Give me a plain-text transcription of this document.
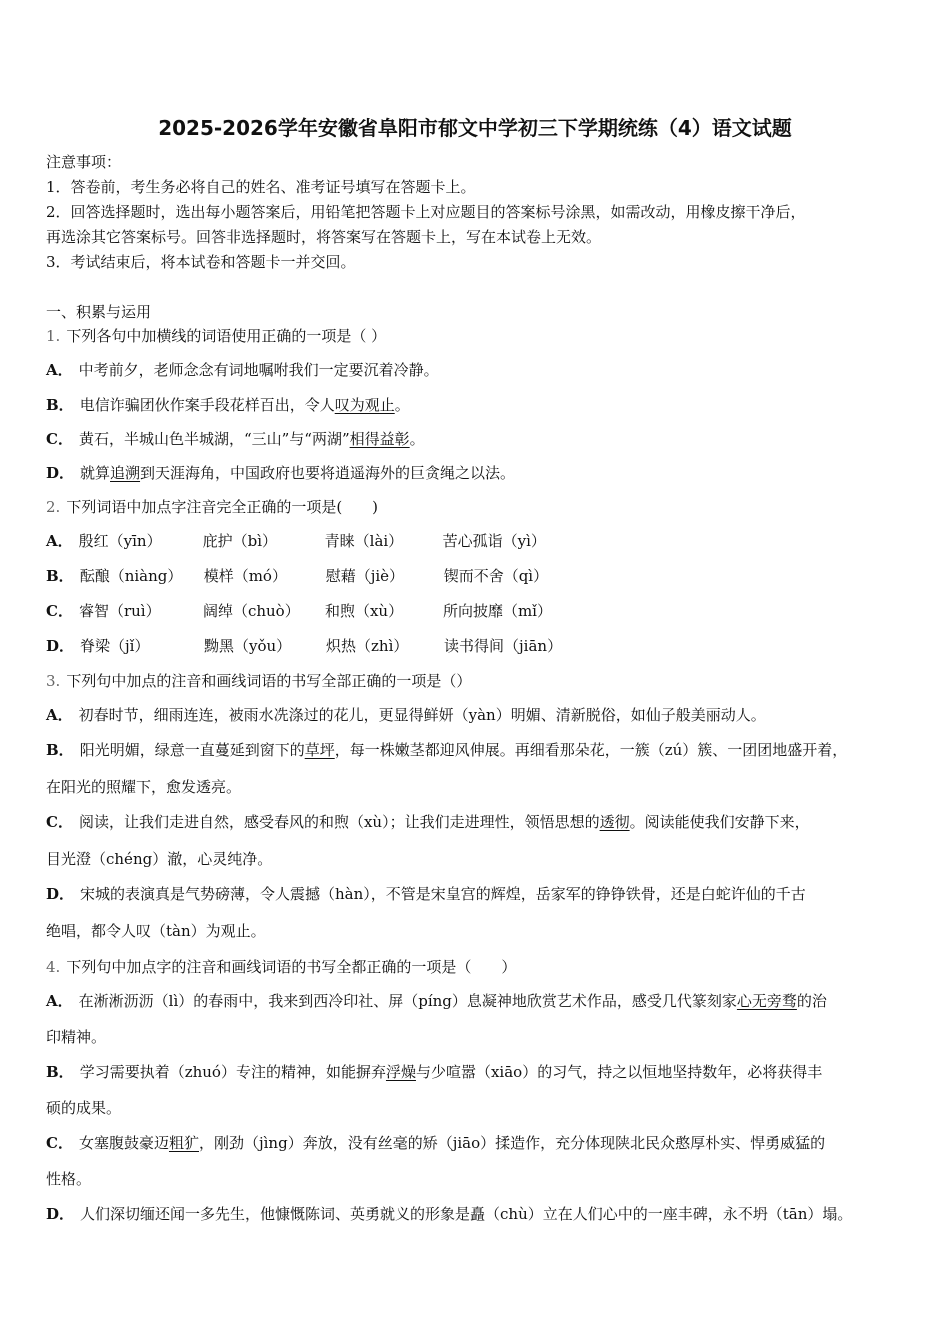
2025-2026学年安徽省阜阳市郁文中学初三下学期统练（4）语文试题
注意事项：
1．答卷前，考生务必将自己的姓名、准考证号填写在答题卡上。
2．回答选择题时，选出每小题答案后，用铅笔把答题卡上对应题目的答案标号涂黑，如需改动，用橡皮擦干净后，
再选涂其它答案标号。回答非选择题时，将答案写在答题卡上，写在本试卷上无效。
3．考试结束后，将本试卷和答题卡一并交回。
一、积累与运用
1. 下列各句中加横线的词语使用正确的一项是（ ）
A． 中考前夕，老师念念有词地嘱咐我们一定要沉着冷静。
B． 电信诈骗团伙作案手段花样百出，令人叹为观止。
C． 黄石，半城山色半城湖，“三山”与“两湖”相得益彰。
D． 就算追溯到天涯海角，中国政府也要将逍遥海外的巨贪绳之以法。
2. 下列词语中加点字注音完全正确的一项是(　　)
A． 殷红（yīn）	庇护（bì）	青睐（lài）	苦心孤诣（yì）
B． 酝酿（niàng） 模样（mó）	慰藉（jiè）	锲而不舍（qì）
C． 睿智（ruì）	阔绰（chuò） 和煦（xù）	所向披靡（mǐ）
D． 脊梁（jǐ）	黝黑（yǒu） 炽热（zhì） 读书得间（jiān）
3. 下列句中加点的注音和画线词语的书写全部正确的一项是（）
A． 初春时节，细雨连连，被雨水冼涤过的花儿，更显得鲜妍（yàn）明媚、清新脱俗，如仙子般美丽动人。
B． 阳光明媚，绿意一直蔓延到窗下的草坪，每一株嫩茎都迎风伸展。再细看那朵花，一簇（zú）簇、一团团地盛开着，
在阳光的照耀下，愈发透亮。
C． 阅读，让我们走进自然，感受春风的和煦（xù）；让我们走进理性，领悟思想的透彻。阅读能使我们安静下来，
目光澄（chéng）澈，心灵纯净。
D． 宋城的表演真是气势磅薄，令人震撼（hàn），不管是宋皇宫的辉煌，岳家军的铮铮铁骨，还是白蛇许仙的千古
绝唱，都令人叹（tàn）为观止。
4. 下列句中加点字的注音和画线词语的书写全都正确的一项是（　　）
A． 在淅淅沥沥（lì）的春雨中，我来到西冷印社、屏（píng）息凝神地欣赏艺术作品，感受几代篆刻家心无旁骛的治
印精神。
B． 学习需要执着（zhuó）专注的精神，如能摒弃浮燥与少喧嚣（xiāo）的习气，持之以恒地坚持数年，必将获得丰
硕的成果。
C． 女塞腹鼓豪迈粗犷，刚劲（jìng）奔放，没有丝毫的矫（jiāo）揉造作，充分体现陕北民众憨厚朴实、悍勇威猛的
性格。
D． 人们深切缅还闻一多先生，他慷慨陈词、英勇就义的形象是矗（chù）立在人们心中的一座丰碑，永不坍（tān）塌。
